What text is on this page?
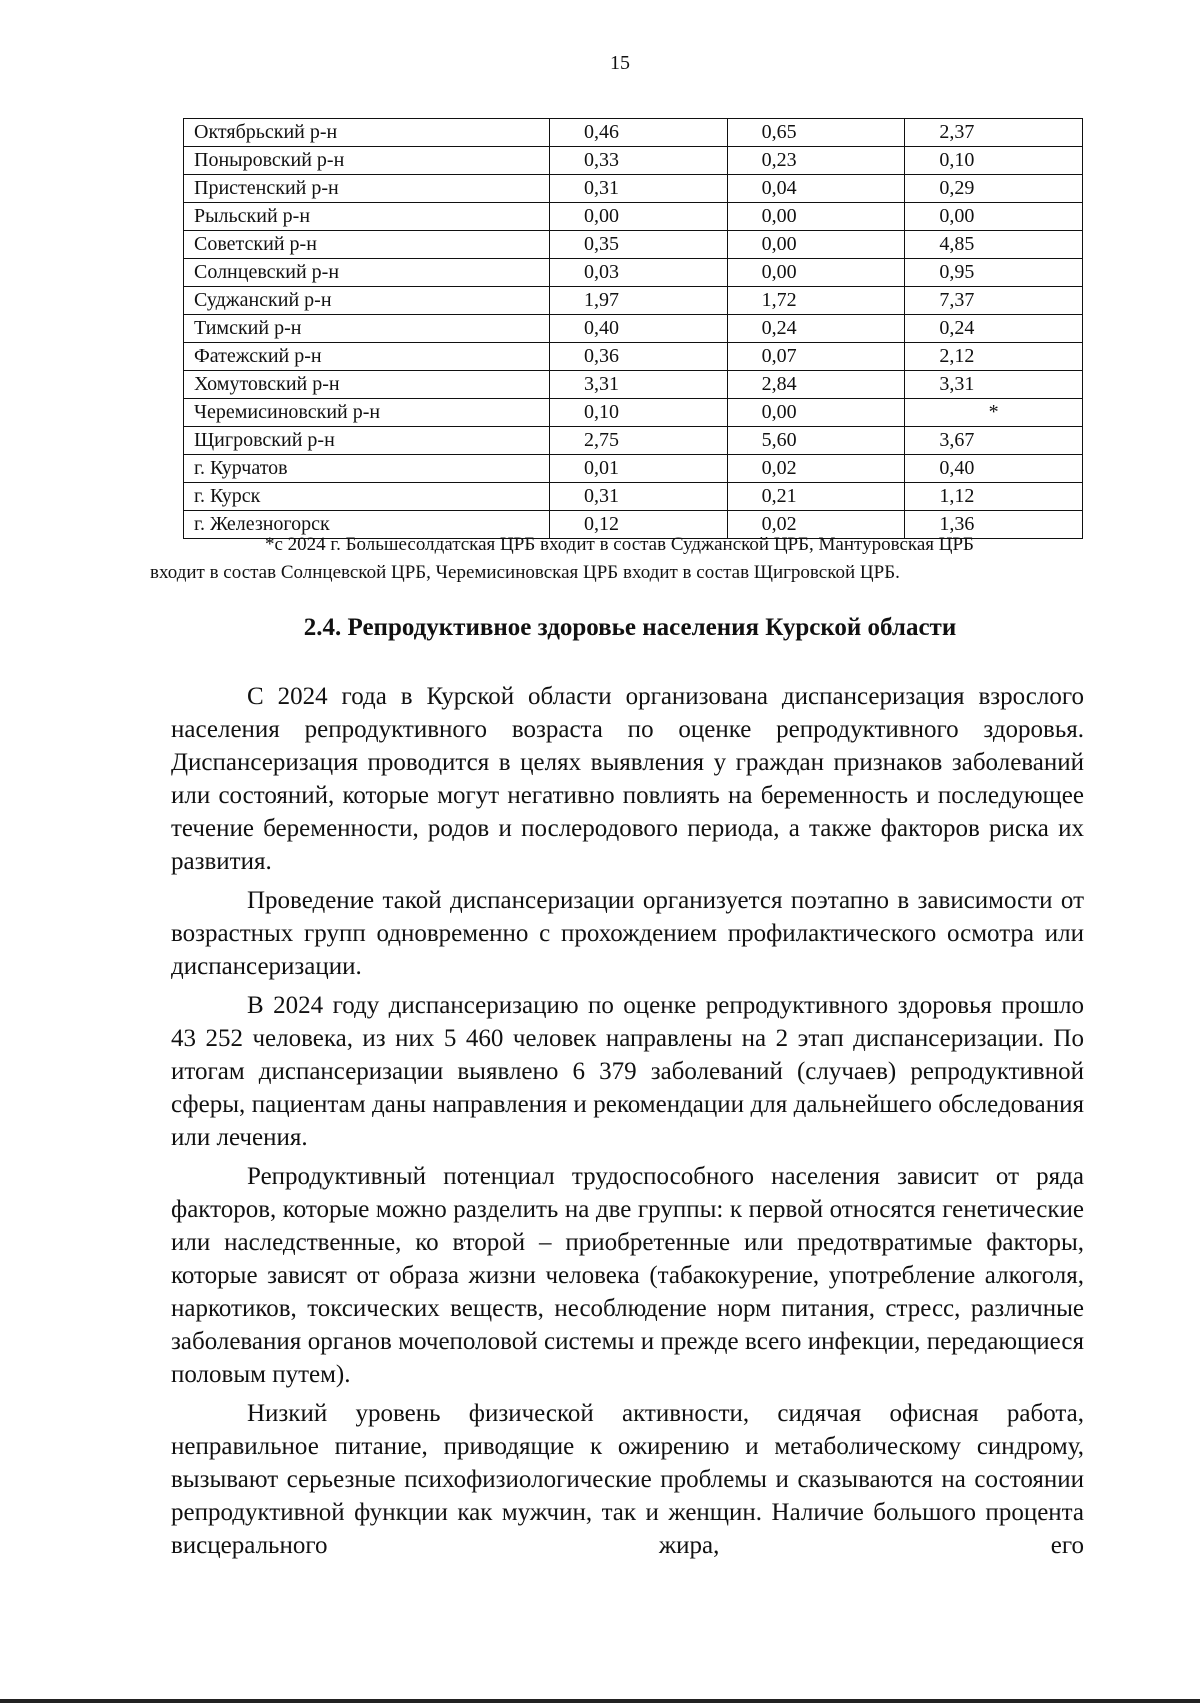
15
Октябрьский р-н	0,46	0,65	2,37
Поныровский р-н	0,33	0,23	0,10
Пристенский р-н	0,31	0,04	0,29
Рыльский р-н	0,00	0,00	0,00
Советский р-н	0,35	0,00	4,85
Солнцевский р-н	0,03	0,00	0,95
Суджанский р-н	1,97	1,72	7,37
Тимский р-н	0,40	0,24	0,24
Фатежский р-н	0,36	0,07	2,12
Хомутовский р-н	3,31	2,84	3,31
Черемисиновский р-н	0,10	0,00	*
Щигровский р-н	2,75	5,60	3,67
г. Курчатов	0,01	0,02	0,40
г. Курск	0,31	0,21	1,12
г. Железногорск	0,12	0,02	1,36

*с 2024 г. Большесолдатская ЦРБ входит в состав Суджанской ЦРБ, Мантуровская ЦРБ

входит в состав Солнцевской ЦРБ, Черемисиновская ЦРБ входит в состав Щигровской ЦРБ.

2.4. Репродуктивное здоровье населения Курской области

С 2024 года в Курской области организована диспансеризация взрослого населения репродуктивного возраста по оценке репродуктивного здоровья. Диспансеризация проводится в целях выявления у граждан признаков заболеваний или состояний, которые могут негативно повлиять на беременность и последующее течение беременности, родов и послеродового периода, а также факторов риска их развития.

Проведение такой диспансеризации организуется поэтапно в зависимости от возрастных групп одновременно с прохождением профилактического осмотра или диспансеризации.

В 2024 году диспансеризацию по оценке репродуктивного здоровья прошло 43 252 человека, из них 5 460 человек направлены на 2 этап диспансеризации. По итогам диспансеризации выявлено 6 379 заболеваний (случаев) репродуктивной сферы, пациентам даны направления и рекомендации для дальнейшего обследования или лечения.

Репродуктивный потенциал трудоспособного населения зависит от ряда факторов, которые можно разделить на две группы: к первой относятся генетические или наследственные, ко второй – приобретенные или предотвратимые факторы, которые зависят от образа жизни человека (табакокурение, употребление алкоголя, наркотиков, токсических веществ, несоблюдение норм питания, стресс, различные заболевания органов мочеполовой системы и прежде всего инфекции, передающиеся половым путем).

Низкий уровень физической активности, сидячая офисная работа, неправильное питание, приводящие к ожирению и метаболическому синдрому, вызывают серьезные психофизиологические проблемы и сказываются на состоянии репродуктивной функции как мужчин, так и женщин. Наличие большого процента висцерального жира, его
